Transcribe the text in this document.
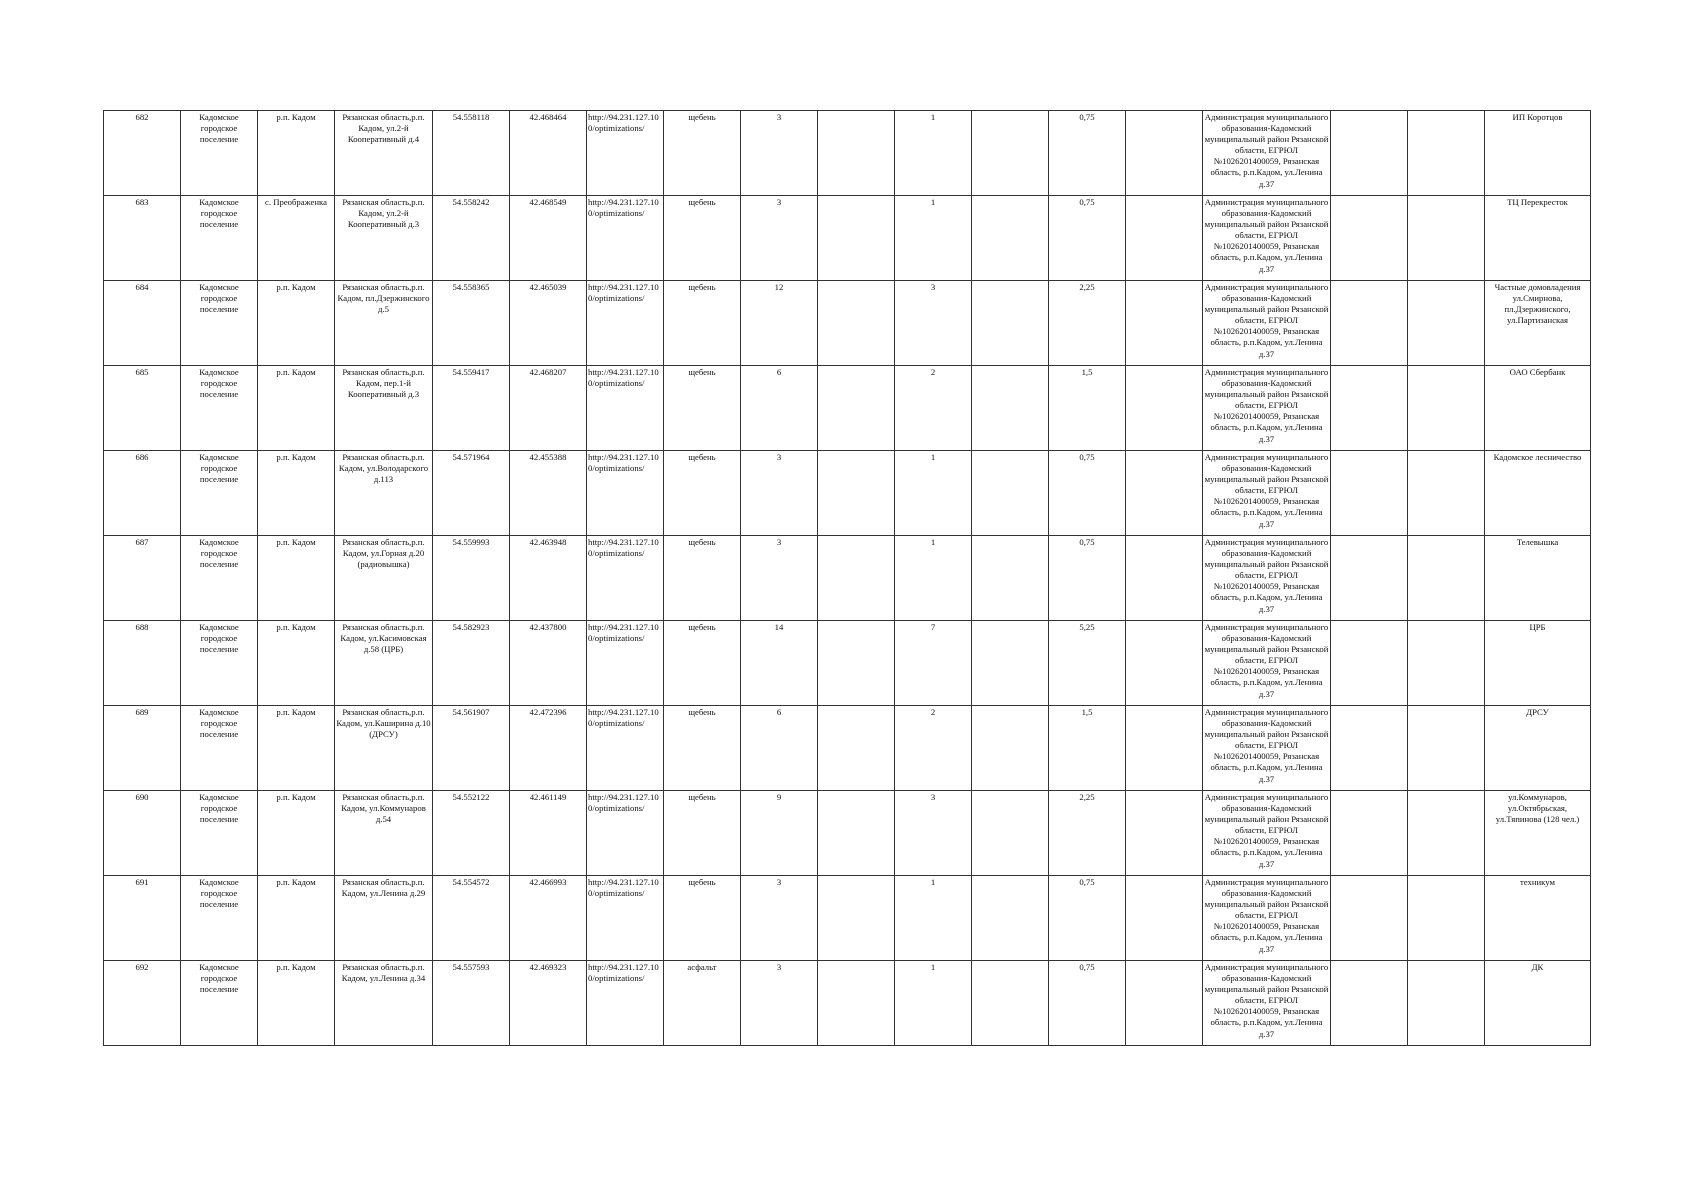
682	Кадомское городское поселение	р.п. Кадом	Рязанская область,р.п. Кадом, ул.2-й Кооперативный д.4	54.558118	42.468464	http://94.231.127.100/optimizations/	щебень	3		1		0,75		Администрация муниципального образования-Кадомский муниципальный район Рязанской области, ЕГРЮЛ №1026201400059, Рязанская область, р.п.Кадом, ул.Ленина д.37			ИП Коротцов
683	Кадомское городское поселение	с. Преображенка	Рязанская область,р.п. Кадом, ул.2-й Кооперативный д.3	54.558242	42.468549	http://94.231.127.100/optimizations/	щебень	3		1		0,75		Администрация муниципального образования-Кадомский муниципальный район Рязанской области, ЕГРЮЛ №1026201400059, Рязанская область, р.п.Кадом, ул.Ленина д.37			ТЦ Перекресток
684	Кадомское городское поселение	р.п. Кадом	Рязанская область,р.п. Кадом, пл.Дзержинского д.5	54.558365	42.465039	http://94.231.127.100/optimizations/	щебень	12		3		2,25		Администрация муниципального образования-Кадомский муниципальный район Рязанской области, ЕГРЮЛ №1026201400059, Рязанская область, р.п.Кадом, ул.Ленина д.37			Частные домовладения ул.Смирнова, пл.Дзержинского, ул.Партизанская
685	Кадомское городское поселение	р.п. Кадом	Рязанская область,р.п. Кадом, пер.1-й Кооперативный д.3	54.559417	42.468207	http://94.231.127.100/optimizations/	щебень	6		2		1,5		Администрация муниципального образования-Кадомский муниципальный район Рязанской области, ЕГРЮЛ №1026201400059, Рязанская область, р.п.Кадом, ул.Ленина д.37			ОАО Сбербанк
686	Кадомское городское поселение	р.п. Кадом	Рязанская область,р.п. Кадом, ул.Володарского д.113	54.571964	42.455388	http://94.231.127.100/optimizations/	щебень	3		1		0,75		Администрация муниципального образования-Кадомский муниципальный район Рязанской области, ЕГРЮЛ №1026201400059, Рязанская область, р.п.Кадом, ул.Ленина д.37			Кадомское лесничество
687	Кадомское городское поселение	р.п. Кадом	Рязанская область,р.п. Кадом, ул.Горная д.20 (радиовышка)	54.559993	42.463948	http://94.231.127.100/optimizations/	щебень	3		1		0,75		Администрация муниципального образования-Кадомский муниципальный район Рязанской области, ЕГРЮЛ №1026201400059, Рязанская область, р.п.Кадом, ул.Ленина д.37			Телевышка
688	Кадомское городское поселение	р.п. Кадом	Рязанская область,р.п. Кадом, ул.Касимовская д.58 (ЦРБ)	54.582923	42.437800	http://94.231.127.100/optimizations/	щебень	14		7		5,25		Администрация муниципального образования-Кадомский муниципальный район Рязанской области, ЕГРЮЛ №1026201400059, Рязанская область, р.п.Кадом, ул.Ленина д.37			ЦРБ
689	Кадомское городское поселение	р.п. Кадом	Рязанская область,р.п. Кадом, ул.Каширина д.10 (ДРСУ)	54.561907	42.472396	http://94.231.127.100/optimizations/	щебень	6		2		1,5		Администрация муниципального образования-Кадомский муниципальный район Рязанской области, ЕГРЮЛ №1026201400059, Рязанская область, р.п.Кадом, ул.Ленина д.37			ДРСУ
690	Кадомское городское поселение	р.п. Кадом	Рязанская область,р.п. Кадом, ул.Коммунаров д.54	54.552122	42.461149	http://94.231.127.100/optimizations/	щебень	9		3		2,25		Администрация муниципального образования-Кадомский муниципальный район Рязанской области, ЕГРЮЛ №1026201400059, Рязанская область, р.п.Кадом, ул.Ленина д.37			ул.Коммунаров, ул.Октябрьская, ул.Тяпинова (128 чел.)
691	Кадомское городское поселение	р.п. Кадом	Рязанская область,р.п. Кадом, ул.Ленина д.29	54.554572	42.466993	http://94.231.127.100/optimizations/	щебень	3		1		0,75		Администрация муниципального образования-Кадомский муниципальный район Рязанской области, ЕГРЮЛ №1026201400059, Рязанская область, р.п.Кадом, ул.Ленина д.37			техникум
692	Кадомское городское поселение	р.п. Кадом	Рязанская область,р.п. Кадом, ул.Ленина д.34	54.557593	42.469323	http://94.231.127.100/optimizations/	асфальт	3		1		0,75		Администрация муниципального образования-Кадомский муниципальный район Рязанской области, ЕГРЮЛ №1026201400059, Рязанская область, р.п.Кадом, ул.Ленина д.37			ДК
